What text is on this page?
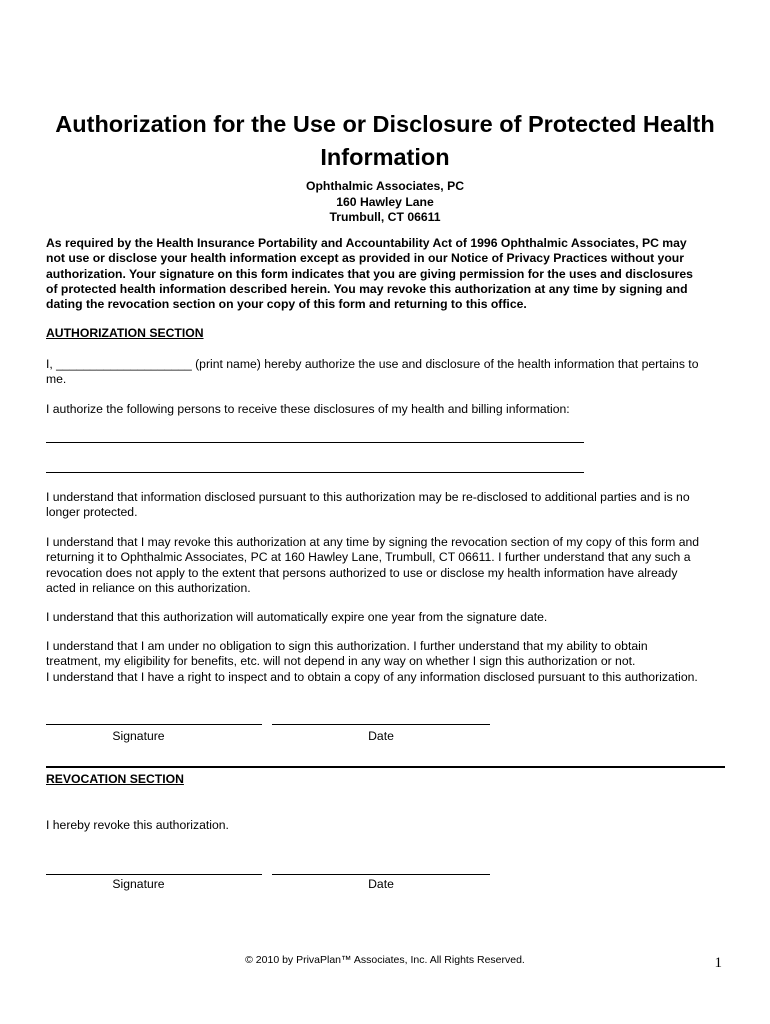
Authorization for the Use or Disclosure of Protected Health
Information
Ophthalmic Associates, PC
160 Hawley Lane
Trumbull, CT 06611
As required by the Health Insurance Portability and Accountability Act of 1996 Ophthalmic Associates, PC may
not use or disclose your health information except as provided in our Notice of Privacy Practices without your
authorization. Your signature on this form indicates that you are giving permission for the uses and disclosures
of protected health information described herein. You may revoke this authorization at any time by signing and
dating the revocation section on your copy of this form and returning to this office.
AUTHORIZATION SECTION
I, ____________________ (print name) hereby authorize the use and disclosure of the health information that pertains to
me.
I authorize the following persons to receive these disclosures of my health and billing information:
I understand that information disclosed pursuant to this authorization may be re-disclosed to additional parties and is no
longer protected.
I understand that I may revoke this authorization at any time by signing the revocation section of my copy of this form and
returning it to Ophthalmic Associates, PC at 160 Hawley Lane, Trumbull, CT 06611. I further understand that any such a
revocation does not apply to the extent that persons authorized to use or disclose my health information have already
acted in reliance on this authorization.
I understand that this authorization will automatically expire one year from the signature date.
I understand that I am under no obligation to sign this authorization. I further understand that my ability to obtain
treatment, my eligibility for benefits, etc. will not depend in any way on whether I sign this authorization or not.
I understand that I have a right to inspect and to obtain a copy of any information disclosed pursuant to this authorization.
Signature	Date
REVOCATION SECTION
I hereby revoke this authorization.
Signature	Date
© 2010 by PrivaPlan™ Associates, Inc. All Rights Reserved.	1
